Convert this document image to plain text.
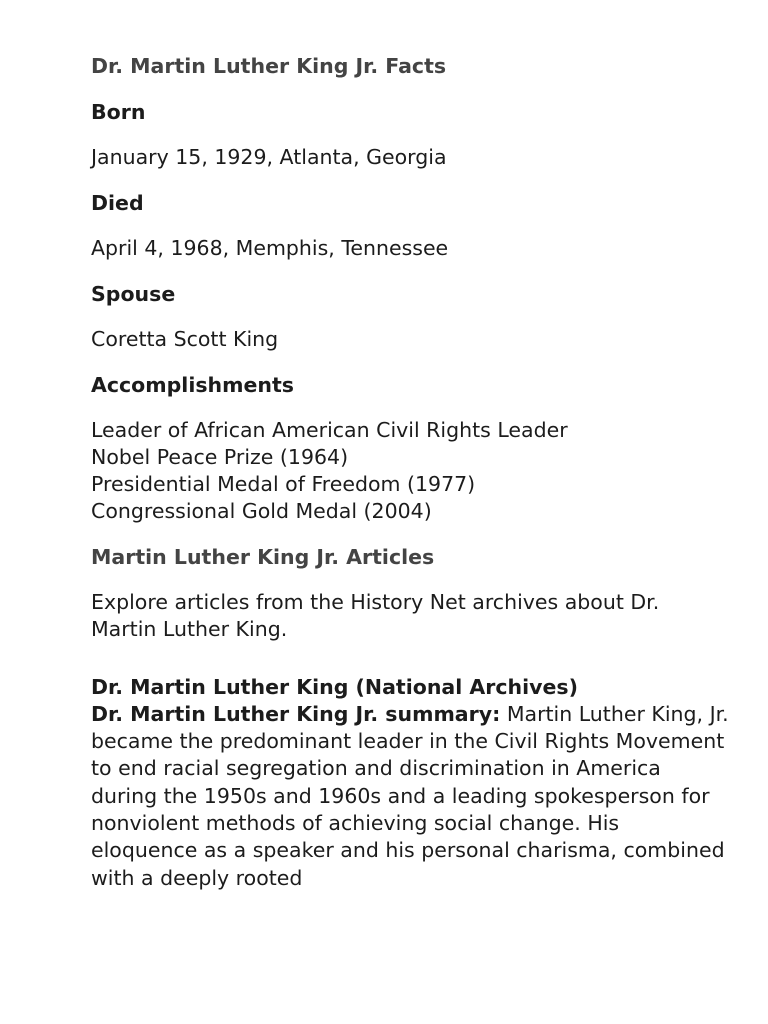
Dr. Martin Luther King Jr. Facts
Born

January 15, 1929, Atlanta, Georgia

Died

April 4, 1968, Memphis, Tennessee

Spouse

Coretta Scott King

Accomplishments
Leader of African American Civil Rights Leader
Nobel Peace Prize (1964)
Presidential Medal of Freedom (1977)
Congressional Gold Medal (2004)
Martin Luther King Jr. Articles

Explore articles from the History Net archives about Dr. Martin Luther King.

Dr. Martin Luther King (National Archives)

Dr. Martin Luther King Jr. summary: Martin Luther King, Jr. became the predominant leader in the Civil Rights Movement to end racial segregation and discrimination in America during the 1950s and 1960s and a leading spokesperson for nonviolent methods of achieving social change. His eloquence as a speaker and his personal charisma, combined with a deeply rooted
